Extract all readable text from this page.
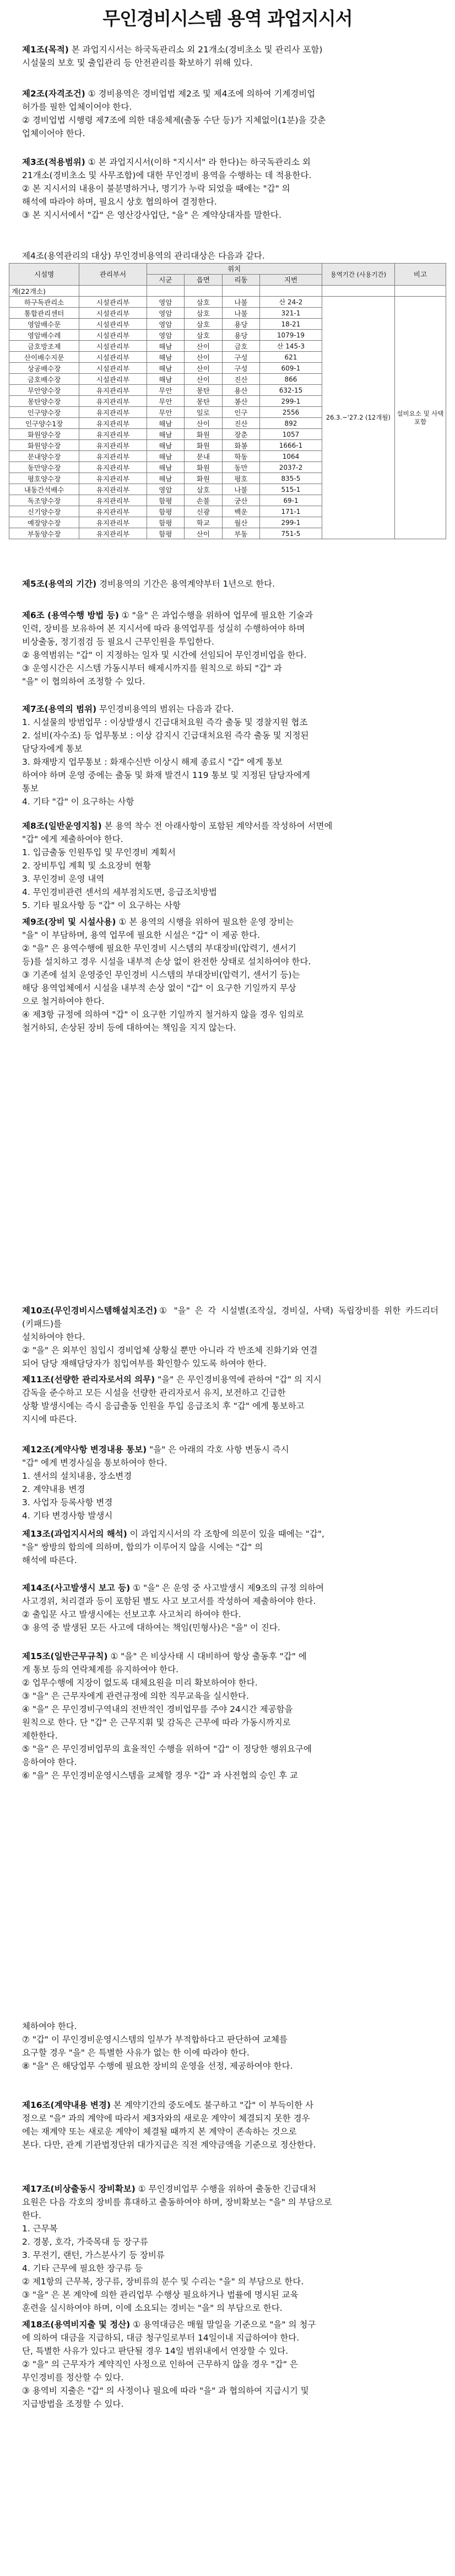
무인경비시스템 용역 과업지시서
제1조(목적) 본 과업지시서는 하국독관리소 외 21개소(경비초소 및 관리사 포함)
시설물의 보호 및 출입관리 등 안전관리를 확보하기 위해 있다.
제2조(자격조건) ① 경비용역은 경비업법 제2조 및 제4조에 의하여 기계경비업
허가를 필한 업체이어야 한다.
② 경비업법 시행령 제7조에 의한 대응체제(출동 수단 등)가 지체없이(1분)을 갖춘
업체이어야 한다.
제3조(적용범위) ① 본 과업지시서(이하 "지시서" 라 한다)는 하국독관리소 외
21개소(경비초소 및 사무조합)에 대한 무인경비 용역을 수행하는 데 적용한다.
② 본 지시서의 내용이 불분명하거나, 명기가 누락 되었을 때에는 "갑" 의
해석에 따라야 하며, 필요시 상호 협의하여 결정한다.
③ 본 지시서에서 "갑" 은 영산강사업단, "을" 은 계약상대자를 말한다.
제4조(용역관리의 대상) 무인경비용역의 관리대상은 다음과 같다.
시설명	관리부서	위치				용역기간 (사용기간)	비고
		시군	읍면	리동	지번		
계(22개소)							
하구독관리소	시설관리부	영암	삼호	나불	산 24-2	26.3.~'27.2 (12개월)	설비요소 및 사택포함
통합관리센터	시설관리부	영암	삼호	나불	321-1		
영암배수문	시설관리부	영암	삼호	용당	18-21		
영암배수레	시설관리부	영암	삼호	용당	1079-19		
금호방조제	시설관리부	해남	산이	금호	산 145-3		
산이배수지문	시설관리부	해남	산이	구성	621		
상공배수장	시설관리부	해남	산이	구성	609-1		
금호배수장	시설관리부	해남	산이	진산	866		
무안양수장	유지관리부	무안	몽탄	용산	632-15		
몽탄양수장	유지관리부	무안	몽탄	봉산	299-1		
인구양수장	유지관리부	무안	일로	인구	2556		
인구양수1장	유지관리부	해남	산이	진산	892		
화원양수장	유지관리부	해남	화원	장춘	1057		
화원양수장	유지관리부	해남	화원	화봉	1666-1		
문내양수장	유지관리부	해남	문내	학동	1064		
동만양수장	유지관리부	해남	화원	동만	2037-2		
평호양수장	유지관리부	해남	화원	평호	835-5		
내동간석배수	유지관리부	영암	삼호	나불	515-1		
독조양수장	유지관리부	함평	손불	궁산	69-1		
신기양수장	유지관리부	함평	신광	백운	171-1		
예장양수장	유지관리부	함평	학교	월산	299-1		
부동양수장	유지관리부	함평	산이	부동	751-5		
제5조(용역의 기간) 경비용역의 기간은 용역계약부터 1년으로 한다.
제6조 (용역수행 방법 등) ① "을" 은 과업수행을 위하여 업무에 필요한 기술과
인력, 장비를 보유하여 본 지시서에 따라 용역업무를 성실히 수행하여야 하며
비상출동, 정기점검 등 필요시 근무인원을 투입한다.
② 용역범위는 "갑" 이 지정하는 일자 및 시간에 선임되어 무인경비업을 한다.
③ 운영시간은 시스템 가동시부터 해제시까지를 원칙으로 하되 "갑" 과
"을" 이 협의하여 조정할 수 있다.
제7조(용역의 범위) 무인경비용역의 범위는 다음과 같다.
1. 시설물의 방범업무 : 이상발생시 긴급대처요원 즉각 출동 및 경찰지원 협조
2. 설비(자수조) 등 업무통보 : 이상 감지시 긴급대처요원 즉각 출동 및 지정된
담당자에게 통보
3. 화재방지 업무통보 : 화재수신반 이상시 해제 종료시 "갑" 에게 통보
하여야 하며 운영 중에는 출동 및 화재 발견시 119 통보 및 지정된 담당자에게
통보
4. 기타 "갑" 이 요구하는 사항
제8조(일반운영지침) 본 용역 착수 전 아래사항이 포함된 계약서를 작성하여 서면에
"갑" 에게 제출하여야 한다.
1. 입금출동 인원투입 및 무인경비 계획서
2. 장비투입 계획 및 소요장비 현황
3. 무인경비 운영 내역
4. 무인경비관련 센서의 세부점치도면, 응급조치방법
5. 기타 필요사항 등 "갑" 이 요구하는 사항
제9조(장비 및 시설사용) ① 본 용역의 시행을 위하여 필요한 운영 장비는
"을" 이 부담하며, 용역 업무에 필요한 시설은 "갑" 이 제공 한다.
② "을" 은 용역수행에 필요한 무인경비 시스템의 부대장비(압력기, 센서기
등)를 설치하고 경우 시설을 내부적 손상 없이 완전한 상태로 설치하여야 한다.
③ 기존에 설치 운영중인 무인경비 시스템의 부대장비(압력기, 센서기 등)는
해당 용역업체에서 시설을 내부적 손상 없이 "갑" 이 요구한 기일까지 무상
으로 철거하여야 한다.
④ 제3항 규정에 의하여 "갑" 이 요구한 기일까지 철거하지 않을 경우 임의로
철거하되, 손상된 장비 등에 대하여는 책임을 지지 않는다.
제10조(무인경비시스템해설치조건)① "을" 은 각 시설별(조작실, 경비실, 사택) 독립장비를 위한 카드리더(키패드)를
설치하여야 한다.
② "을" 은 외부인 침입시 경비업체 상황실 뿐만 아니라 각 반조체 진화기와 연결
되어 담당 재해담당자가 침입여부를 확인할수 있도록 하여야 한다.
제11조(선량한 관리자로서의 의무) "을" 은 무인경비용역에 관하여 "갑" 의 지시
감독을 준수하고 모든 시설을 선량한 관리자로서 유지, 보전하고 긴급한
상황 발생시에는 즉시 응급출동 인원을 투입 응급조치 후 "갑" 에게 통보하고
지시에 따른다.
제12조(계약사항 변경내용 통보) "을" 은 아래의 각호 사항 변동시 즉시
"갑" 에게 변경사실을 통보하여야 한다.
1. 센서의 설치내용, 장소변경
2. 계약내용 변경
3. 사업자 등록사항 변경
4. 기타 변경사항 발생시
제13조(과업지시서의 해석) 이 과업지시서의 각 조항에 의문이 있을 때에는 "갑",
"을" 쌍방의 합의에 의하며, 합의가 이루어지 않을 시에는 "갑" 의
해석에 따른다.
제14조(사고발생시 보고 등) ① "을" 은 운영 중 사고발생시 제9조의 규정 의하여
사고경위, 처리결과 등이 포함된 별도 사고 보고서를 작성하여 제출하여야 한다.
② 출입문 사고 발생시에는 선보고후 사고처리 하여야 한다.
③ 용역 중 발생된 모든 사고에 대하여는 책임(민형사)은 "을" 이 진다.
제15조(일반근무규칙) ① "을" 은 비상사태 시 대비하여 항상 출동후 "갑" 에
게 통보 등의 연락체계를 유지하여야 한다.
② 업무수행에 지장이 없도록 대체요원을 미리 확보하여야 한다.
③ "을" 은 근무자에게 관련규정에 의한 직무교육을 실시한다.
④ "을" 은 무인경비구역내의 전반적인 경비업무를 주야 24시간 제공함을
원칙으로 한다. 단 "갑" 은 근무지휘 및 감독은 근무에 따라 가동시까지로
제한한다.
⑤ "을" 은 무인경비업무의 효율적인 수행을 위하여 "갑" 이 정당한 행위요구에
응하여야 한다.
⑥ "을" 은 무인경비운영시스템을 교체할 경우 "갑" 과 사전협의 승인 후 교
체하여야 한다.
⑦ "갑" 이 무인경비운영시스템의 일부가 부적합하다고 판단하여 교체를
요구할 경우 "을" 은 특별한 사유가 없는 한 이에 따라야 한다.
⑧ "을" 은 해당업무 수행에 필요한 장비의 운영을 선정, 제공하여야 한다.
제16조(계약내용 변경) 본 계약기간의 중도에도 불구하고 "갑" 이 부득이한 사
정으로 "을" 과의 계약에 따라서 제3자와의 새로운 계약이 체결되지 못한 경우
에는 재계약 또는 새로운 계약이 체결될 때까지 본 계약이 존속하는 것으로
본다. 다만, 관계 기관법정단위 대가지급은 직전 계약금액을 기준으로 정산한다.
제17조(비상출동시 장비확보) ① 무인경비업무 수행을 위하여 출동한 긴급대처
요원은 다음 각호의 장비를 휴대하고 출동하여야 하며, 장비확보는 "을" 의 부담으로
한다.
1. 근무복
2. 경봉, 호각, 가죽목대 등 장구류
3. 무전기, 랜턴, 가스분사기 등 장비류
4. 기타 근무에 필요한 장구류 등
② 제1항의 근무복, 장구류, 장비류의 분수 및 수리는 "을" 의 부담으로 한다.
③ "을" 은 본 계약에 의한 관리업무 수행상 필요하거나 법률에 명시된 교육
훈련을 실시하여야 하며, 이에 소요되는 경비는 "을" 의 부담으로 한다.
제18조(용역비지출 및 정산) ① 용역대금은 매월 말일을 기준으로 "을" 의 청구
에 의하여 대금을 지급하되, 대금 청구일로부터 14일이내 지급하여야 한다.
단, 특별한 사유가 있다고 판단될 경우 14일 범위내에서 연장할 수 있다.
② "을" 의 근무자가 계약직인 사정으로 인하여 근무하지 않을 경우 "갑" 은
무인경비를 정산할 수 있다.
③ 용역비 지출은 "갑" 의 사정이나 필요에 따라 "을" 과 협의하여 지급시기 및
지급방법을 조정할 수 있다.
